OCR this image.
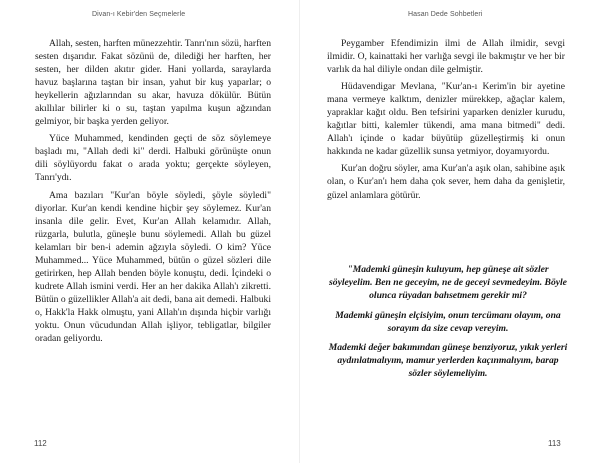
Divan-ı Kebir'den Seçmelerle

Allah, sesten, harften münezzehtir. Tanrı'nın sözü, harften sesten dışarıdır. Fakat sözünü de, dilediği her harften, her sesten, her dilden akıtır gider. Hani yollarda, saraylarda havuz başlarına taştan bir insan, yahut bir kuş yaparlar; o heykellerin ağızlarından su akar, havuza dökülür. Bütün akıllılar bilirler ki o su, taştan yapılma kuşun ağzından gelmiyor, bir başka yerden geliyor.

Yüce Muhammed, kendinden geçti de söz söylemeye başladı mı, "Allah dedi ki" derdi. Halbuki görünüşte onun dili söylüyordu fakat o arada yoktu; gerçekte söyleyen, Tanrı'ydı.

Ama bazıları "Kur'an böyle söyledi, şöyle söyledi" diyorlar. Kur'an kendi kendine hiçbir şey söylemez. Kur'an insanla dile gelir. Evet, Kur'an Allah kelamıdır. Allah, rüzgarla, bulutla, güneşle bunu söylemedi. Allah bu güzel kelamları bir ben-i ademin ağzıyla söyledi. O kim? Yüce Muhammed... Yüce Muhammed, bütün o güzel sözleri dile getirirken, hep Allah benden böyle konuştu, dedi. İçindeki o kudrete Allah ismini verdi. Her an her dakika Allah'ı zikretti. Bütün o güzellikler Allah'a ait dedi, bana ait demedi. Halbuki o, Hakk'la Hakk olmuştu, yani Allah'ın dışında hiçbir varlığı yoktu. Onun vücudundan Allah işliyor, tebligatlar, bilgiler oradan geliyordu.

112
Hasan Dede Sohbetleri

Peygamber Efendimizin ilmi de Allah ilmidir, sevgi ilmidir. O, kainattaki her varlığa sevgi ile bakmıştır ve her bir varlık da hal diliyle ondan dile gelmiştir.

Hüdavendigar Mevlana, "Kur'an-ı Kerim'in bir ayetine mana vermeye kalktım, denizler mürekkep, ağaçlar kalem, yapraklar kağıt oldu. Ben tefsirini yaparken denizler kurudu, kağıtlar bitti, kalemler tükendi, ama mana bitmedi" dedi. Allah'ı içinde o kadar büyütüp güzelleştirmiş ki onun hakkında ne kadar güzellik sunsa yetmiyor, doyamıyordu.

Kur'an doğru söyler, ama Kur'an'a aşık olan, sahibine aşık olan, o Kur'an'ı hem daha çok sever, hem daha da genişletir, güzel anlamlara götürür.

"Mademki güneşin kuluyum, hep güneşe ait sözler söyleyelim. Ben ne geceyim, ne de geceyi sevmedeyim. Böyle olunca rüyadan bahsetmem gerekir mi?

Mademki güneşin elçisiyim, onun tercümanı olayım, ona sorayım da size cevap vereyim.

Mademki değer bakımından güneşe benziyoruz, yıkık yerleri aydınlatmalıyım, mamur yerlerden kaçınmalıyım, barap sözler söylemeliyim.

113
